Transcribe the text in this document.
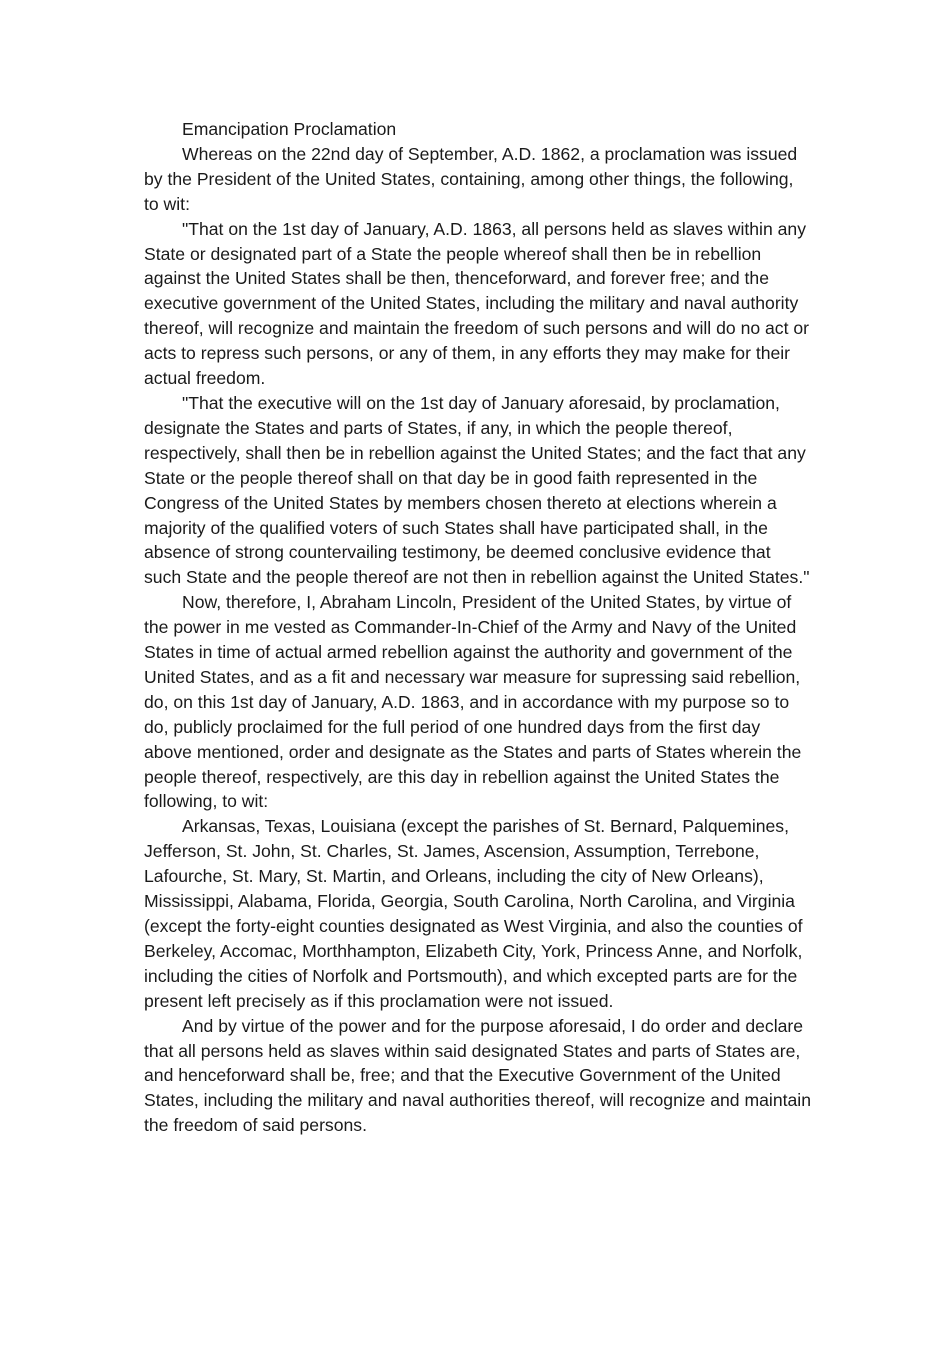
Emancipation Proclamation

Whereas on the 22nd day of September, A.D. 1862, a proclamation was issued by the President of the United States, containing, among other things, the following, to wit:

"That on the 1st day of January, A.D. 1863, all persons held as slaves within any State or designated part of a State the people whereof shall then be in rebellion against the United States shall be then, thenceforward, and forever free; and the executive government of the United States, including the military and naval authority thereof, will recognize and maintain the freedom of such persons and will do no act or acts to repress such persons, or any of them, in any efforts they may make for their actual freedom.

"That the executive will on the 1st day of January aforesaid, by proclamation, designate the States and parts of States, if any, in which the people thereof, respectively, shall then be in rebellion against the United States; and the fact that any State or the people thereof shall on that day be in good faith represented in the Congress of the United States by members chosen thereto at elections wherein a majority of the qualified voters of such States shall have participated shall, in the absence of strong countervailing testimony, be deemed conclusive evidence that such State and the people thereof are not then in rebellion against the United States."

Now, therefore, I, Abraham Lincoln, President of the United States, by virtue of the power in me vested as Commander-In-Chief of the Army and Navy of the United States in time of actual armed rebellion against the authority and government of the United States, and as a fit and necessary war measure for supressing said rebellion, do, on this 1st day of January, A.D. 1863, and in accordance with my purpose so to do, publicly proclaimed for the full period of one hundred days from the first day above mentioned, order and designate as the States and parts of States wherein the people thereof, respectively, are this day in rebellion against the United States the following, to wit:

Arkansas, Texas, Louisiana (except the parishes of St. Bernard, Palquemines, Jefferson, St. John, St. Charles, St. James, Ascension, Assumption, Terrebone, Lafourche, St. Mary, St. Martin, and Orleans, including the city of New Orleans), Mississippi, Alabama, Florida, Georgia, South Carolina, North Carolina, and Virginia (except the forty-eight counties designated as West Virginia, and also the counties of Berkeley, Accomac, Morthhampton, Elizabeth City, York, Princess Anne, and Norfolk, including the cities of Norfolk and Portsmouth), and which excepted parts are for the present left precisely as if this proclamation were not issued.

And by virtue of the power and for the purpose aforesaid, I do order and declare that all persons held as slaves within said designated States and parts of States are, and henceforward shall be, free; and that the Executive Government of the United States, including the military and naval authorities thereof, will recognize and maintain the freedom of said persons.
